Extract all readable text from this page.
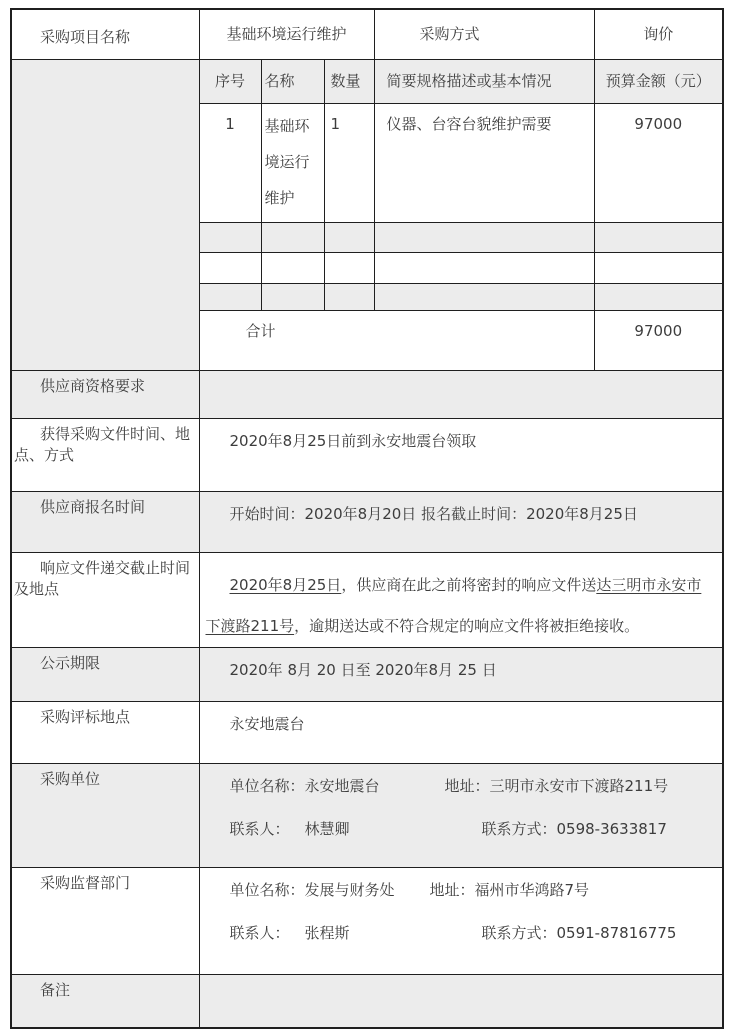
采购项目名称	基础环境运行维护			采购方式	询价
	序号	名称	数量	简要规格描述或基本情况	预算金额（元）
	1	基础环境运行维护	1	仪器、台容台貌维护需要	97000

	合计				97000
供应商资格要求					
获得采购文件时间、地点、方式	2020年8月25日前到永安地震台领取				
供应商报名时间	开始时间：2020年8月20日 报名截止时间：2020年8月25日				
响应文件递交截止时间及地点	2020年8月25日，供应商在此之前将密封的响应文件送达三明市永安市下渡路211号，逾期送达或不符合规定的响应文件将被拒绝接收。				
公示期限	2020年 8月 20 日至 2020年8月 25 日				
采购评标地点	永安地震台				
采购单位	单位名称：永安地震台 地址：三明市永安市下渡路211号
联系人： 林慧卿 联系方式：0598-3633817				

采购监督部门	单位名称：发展与财务处 地址：福州市华鸿路7号
联系人： 张程斯 联系方式：0591-87816775				

备注					
